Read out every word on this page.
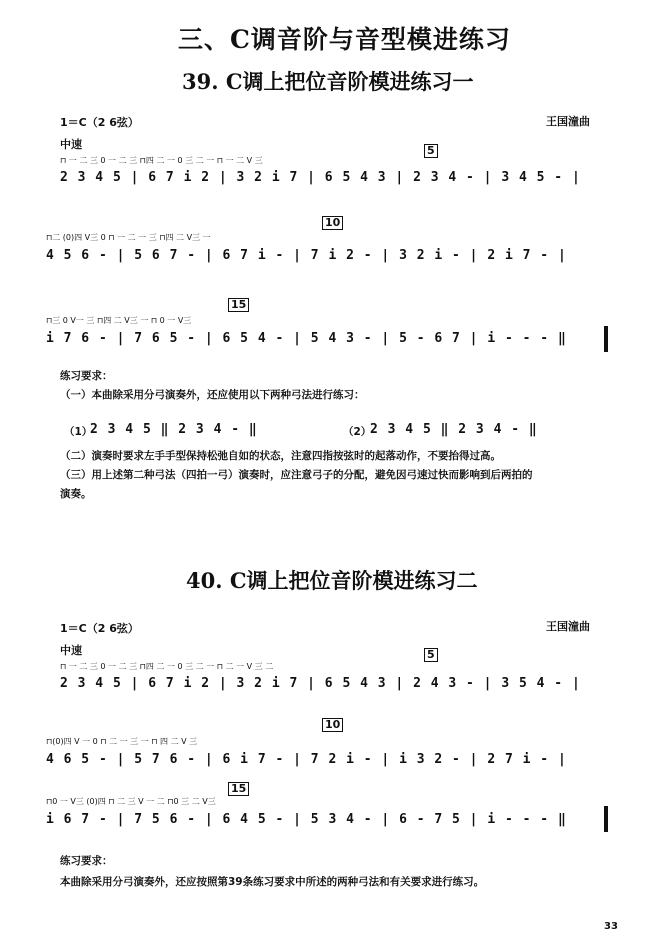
三、C调音阶与音型模进练习
39. C调上把位音阶模进练习一
1＝C（2 6弦）	王国潼曲
中速
⊓ 一 二 三 0 一 二 三 ⊓四 二 一 0 三 二 一 ⊓ 一 二 V 三
2 3 4 5 | 6 7 i 2 | 3 2 i 7 | 6 5 4 3 | 2 3 4 - | 3 4 5 - |
5
⊓二 (0)四 V三 0 ⊓ 一 二 一 三 ⊓四 二 V三 一
4 5 6 - | 5 6 7 - | 6 7 i - | 7 i 2 - | 3 2 i - | 2 i 7 - |
10
⊓三 0 V一 三 ⊓四 二 V三 一 ⊓ 0 一 V三
i 7 6 - | 7 6 5 - | 6 5 4 - | 5 4 3 - | 5 - 6 7 | i - - - ‖
15
练习要求：
（一）本曲除采用分弓演奏外，还应使用以下两种弓法进行练习：
（1）
2 3 4 5 ‖ 2 3 4 - ‖	（2）
2 3 4 5 ‖ 2 3 4 - ‖
（二）演奏时要求左手手型保持松弛自如的状态，注意四指按弦时的起落动作，不要抬得过高。
（三）用上述第二种弓法（四拍一弓）演奏时，应注意弓子的分配，避免因弓速过快而影响到后两拍的
演奏。
40. C调上把位音阶模进练习二
1＝C（2 6弦）	王国潼曲
中速
⊓ 一 二 三 0 一 二 三 ⊓四 二 一 0 三 二 一 ⊓ 二 一 V 三 二
2 3 4 5 | 6 7 i 2 | 3 2 i 7 | 6 5 4 3 | 2 4 3 - | 3 5 4 - |
5
⊓(0)四 V 一 0 ⊓ 二 一 三 一 ⊓ 四 二 V 三
4 6 5 - | 5 7 6 - | 6 i 7 - | 7 2 i - | i 3 2 - | 2 7 i - |
10
⊓0 一 V三 (0)四 ⊓ 二 三 V 一 二 ⊓0 三 二 V三
i 6 7 - | 7 5 6 - | 6 4 5 - | 5 3 4 - | 6 - 7 5 | i - - - ‖
15
练习要求：
本曲除采用分弓演奏外，还应按照第39条练习要求中所述的两种弓法和有关要求进行练习。
33
